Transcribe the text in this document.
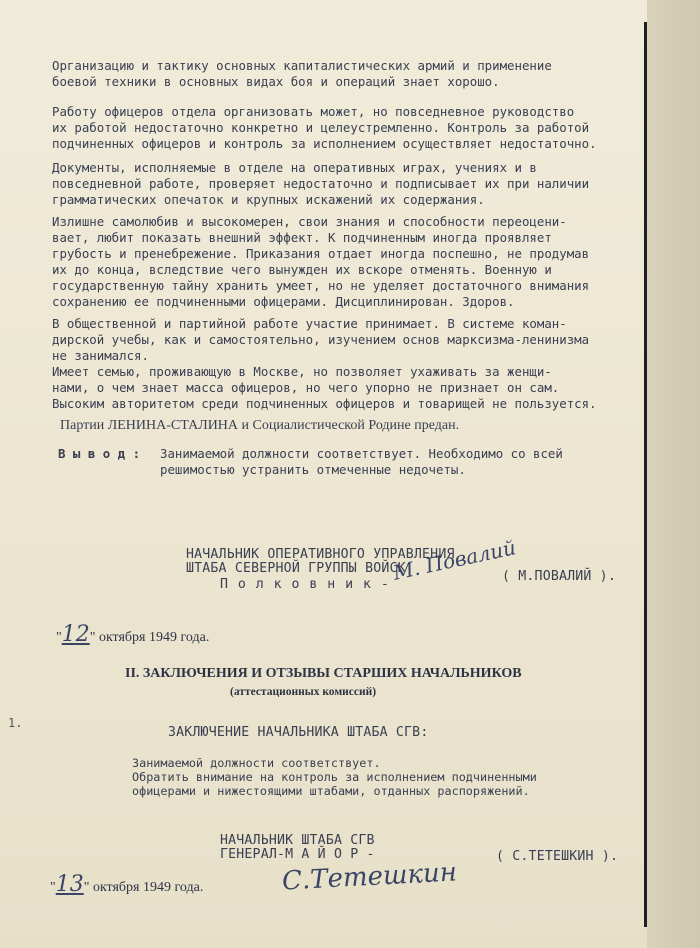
Организацию и тактику основных капиталистических армий и применение
боевой техники в основных видах боя и операций знает хорошо.
Работу офицеров отдела организовать может, но повседневное руководство
их работой недостаточно конкретно и целеустремленно. Контроль за работой
подчиненных офицеров и контроль за исполнением осуществляет недостаточно.
Документы, исполняемые в отделе на оперативных играх, учениях и в
повседневной работе, проверяет недостаточно и подписывает их при наличии
грамматических опечаток и крупных искажений их содержания.
Излишне самолюбив и высокомерен, свои знания и способности переоцени-
вает, любит показать внешний эффект. К подчиненным иногда проявляет
грубость и пренебрежение. Приказания отдает иногда поспешно, не продумав
их до конца, вследствие чего вынужден их вскоре отменять. Военную и
государственную тайну хранить умеет, но не уделяет достаточного внимания
сохранению ее подчиненными офицерами. Дисциплинирован. Здоров.
В общественной и партийной работе участие принимает. В системе коман-
дирской учебы, как и самостоятельно, изучением основ марксизма-ленинизма
не занимался.
Имеет семью, проживающую в Москве, но позволяет ухаживать за женщи-
нами, о чем знает масса офицеров, но чего упорно не признает он сам.
Высоким авторитетом среди подчиненных офицеров и товарищей не пользуется.
Партии ЛЕНИНА-СТАЛИНА и Социалистической Родине предан.
В ы в о д :	Занимаемой должности соответствует. Необходимо со всей
решимостью устранить отмеченные недочеты.
НАЧАЛЬНИК ОПЕРАТИВНОГО УПРАВЛЕНИЯ
ШТАБА СЕВЕРНОЙ ГРУППЫ ВОЙСК
П о л к о в н и к - М. Повалий
( М.ПОВАЛИЙ ).
"12" октября 1949 года.
II. ЗАКЛЮЧЕНИЯ И ОТЗЫВЫ СТАРШИХ НАЧАЛЬНИКОВ
(аттестационных комиссий)
1.
ЗАКЛЮЧЕНИЕ НАЧАЛЬНИКА ШТАБА СГВ:
Занимаемой должности соответствует.
Обратить внимание на контроль за исполнением подчиненными
офицерами и нижестоящими штабами, отданных распоряжений.
НАЧАЛЬНИК ШТАБА СГВ
ГЕНЕРАЛ-М А Й О Р -	( С.ТЕТЕШКИН ).
С.Тетешкин
"13" октября 1949 года.
